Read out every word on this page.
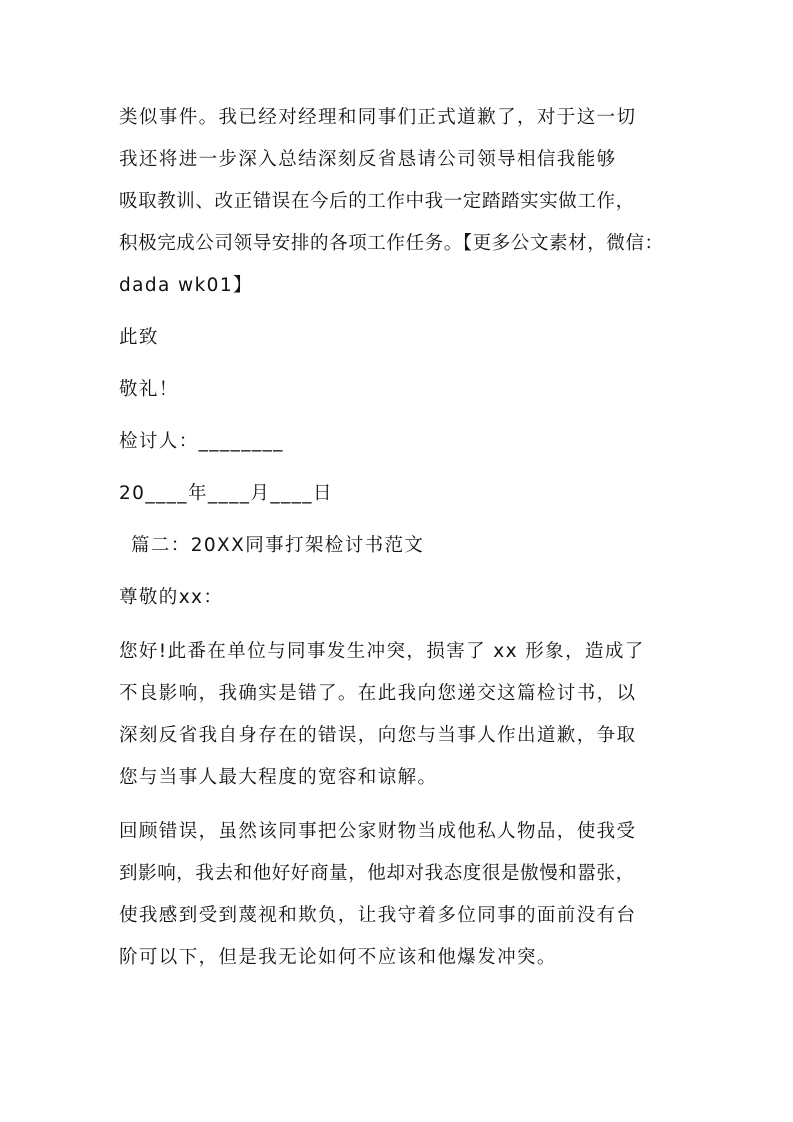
类似事件。我已经对经理和同事们正式道歉了，对于这一切

我还将进一步深入总结深刻反省恳请公司领导相信我能够

吸取教训、改正错误在今后的工作中我一定踏踏实实做工作，

积极完成公司领导安排的各项工作任务。【更多公文素材，微信：

dada wk01】

此致

敬礼！

检讨人：________

20____年____月____日

篇二：20XX同事打架检讨书范文

尊敬的xx：

您好!此番在单位与同事发生冲突，损害了 xx 形象，造成了

不良影响，我确实是错了。在此我向您递交这篇检讨书，以

深刻反省我自身存在的错误，向您与当事人作出道歉，争取

您与当事人最大程度的宽容和谅解。

回顾错误，虽然该同事把公家财物当成他私人物品，使我受

到影响，我去和他好好商量，他却对我态度很是傲慢和嚣张，

使我感到受到蔑视和欺负，让我守着多位同事的面前没有台

阶可以下，但是我无论如何不应该和他爆发冲突。
